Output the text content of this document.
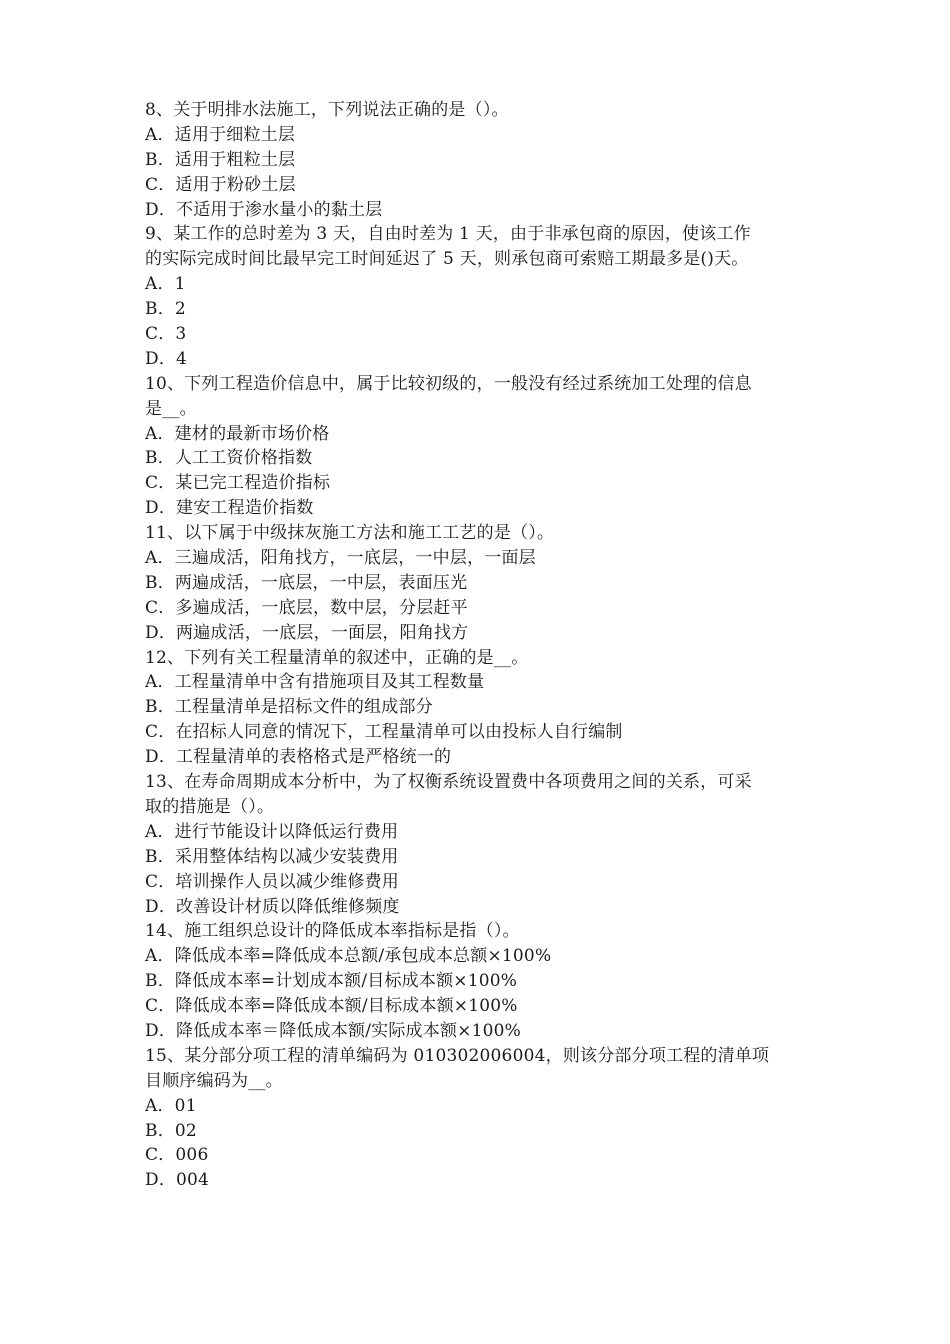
8、关于明排水法施工，下列说法正确的是（）。
A．适用于细粒土层
B．适用于粗粒土层
C．适用于粉砂土层
D．不适用于渗水量小的黏土层
9、某工作的总时差为 3 天，自由时差为 1 天，由于非承包商的原因，使该工作
的实际完成时间比最早完工时间延迟了 5 天，则承包商可索赔工期最多是()天。
A．1
B．2
C．3
D．4
10、下列工程造价信息中，属于比较初级的，一般没有经过系统加工处理的信息
是__。
A．建材的最新市场价格
B．人工工资价格指数
C．某已完工程造价指标
D．建安工程造价指数
11、以下属于中级抹灰施工方法和施工工艺的是（）。
A．三遍成活，阳角找方，一底层，一中层，一面层
B．两遍成活，一底层，一中层，表面压光
C．多遍成活，一底层，数中层，分层赶平
D．两遍成活，一底层，一面层，阳角找方
12、下列有关工程量清单的叙述中，正确的是__。
A．工程量清单中含有措施项目及其工程数量
B．工程量清单是招标文件的组成部分
C．在招标人同意的情况下，工程量清单可以由投标人自行编制
D．工程量清单的表格格式是严格统一的
13、在寿命周期成本分析中，为了权衡系统设置费中各项费用之间的关系，可采
取的措施是（）。
A．进行节能设计以降低运行费用
B．采用整体结构以减少安装费用
C．培训操作人员以减少维修费用
D．改善设计材质以降低维修频度
14、施工组织总设计的降低成本率指标是指（）。
A．降低成本率=降低成本总额/承包成本总额×100%
B．降低成本率=计划成本额/目标成本额×100%
C．降低成本率=降低成本额/目标成本额×100%
D．降低成本率＝降低成本额/实际成本额×100%
15、某分部分项工程的清单编码为 010302006004，则该分部分项工程的清单项
目顺序编码为__。
A．01
B．02
C．006
D．004
